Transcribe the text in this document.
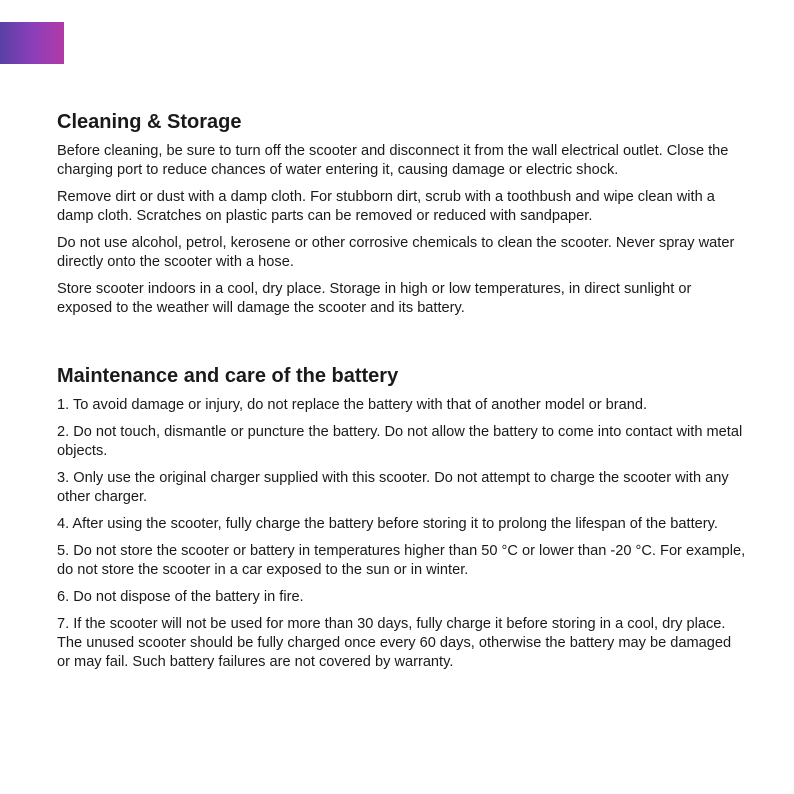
Cleaning & Storage

Before cleaning, be sure to turn off the scooter and disconnect it from the wall electrical outlet. Close the charging port to reduce chances of water entering it, causing damage or electric shock.

Remove dirt or dust with a damp cloth. For stubborn dirt, scrub with a toothbush and wipe clean with a damp cloth. Scratches on plastic parts can be removed or reduced with sandpaper.

Do not use alcohol, petrol, kerosene or other corrosive chemicals to clean the scooter. Never spray water directly onto the scooter with a hose.

Store scooter indoors in a cool, dry place. Storage in high or low temperatures, in direct sunlight or exposed to the weather will damage the scooter and its battery.

Maintenance and care of the battery
1. To avoid damage or injury, do not replace the battery with that of another model or brand.
2. Do not touch, dismantle or puncture the battery. Do not allow the battery to come into contact with metal objects.
3. Only use the original charger supplied with this scooter. Do not attempt to charge the scooter with any other charger.
4. After using the scooter, fully charge the battery before storing it to prolong the lifespan of the battery.
5. Do not store the scooter or battery in temperatures higher than 50 °C or lower than -20 °C. For example, do not store the scooter in a car exposed to the sun or in winter.
6. Do not dispose of the battery in fire.
7. If the scooter will not be used for more than 30 days, fully charge it before storing in a cool, dry place. The unused scooter should be fully charged once every 60 days, otherwise the battery may be damaged or may fail. Such battery failures are not covered by warranty.
